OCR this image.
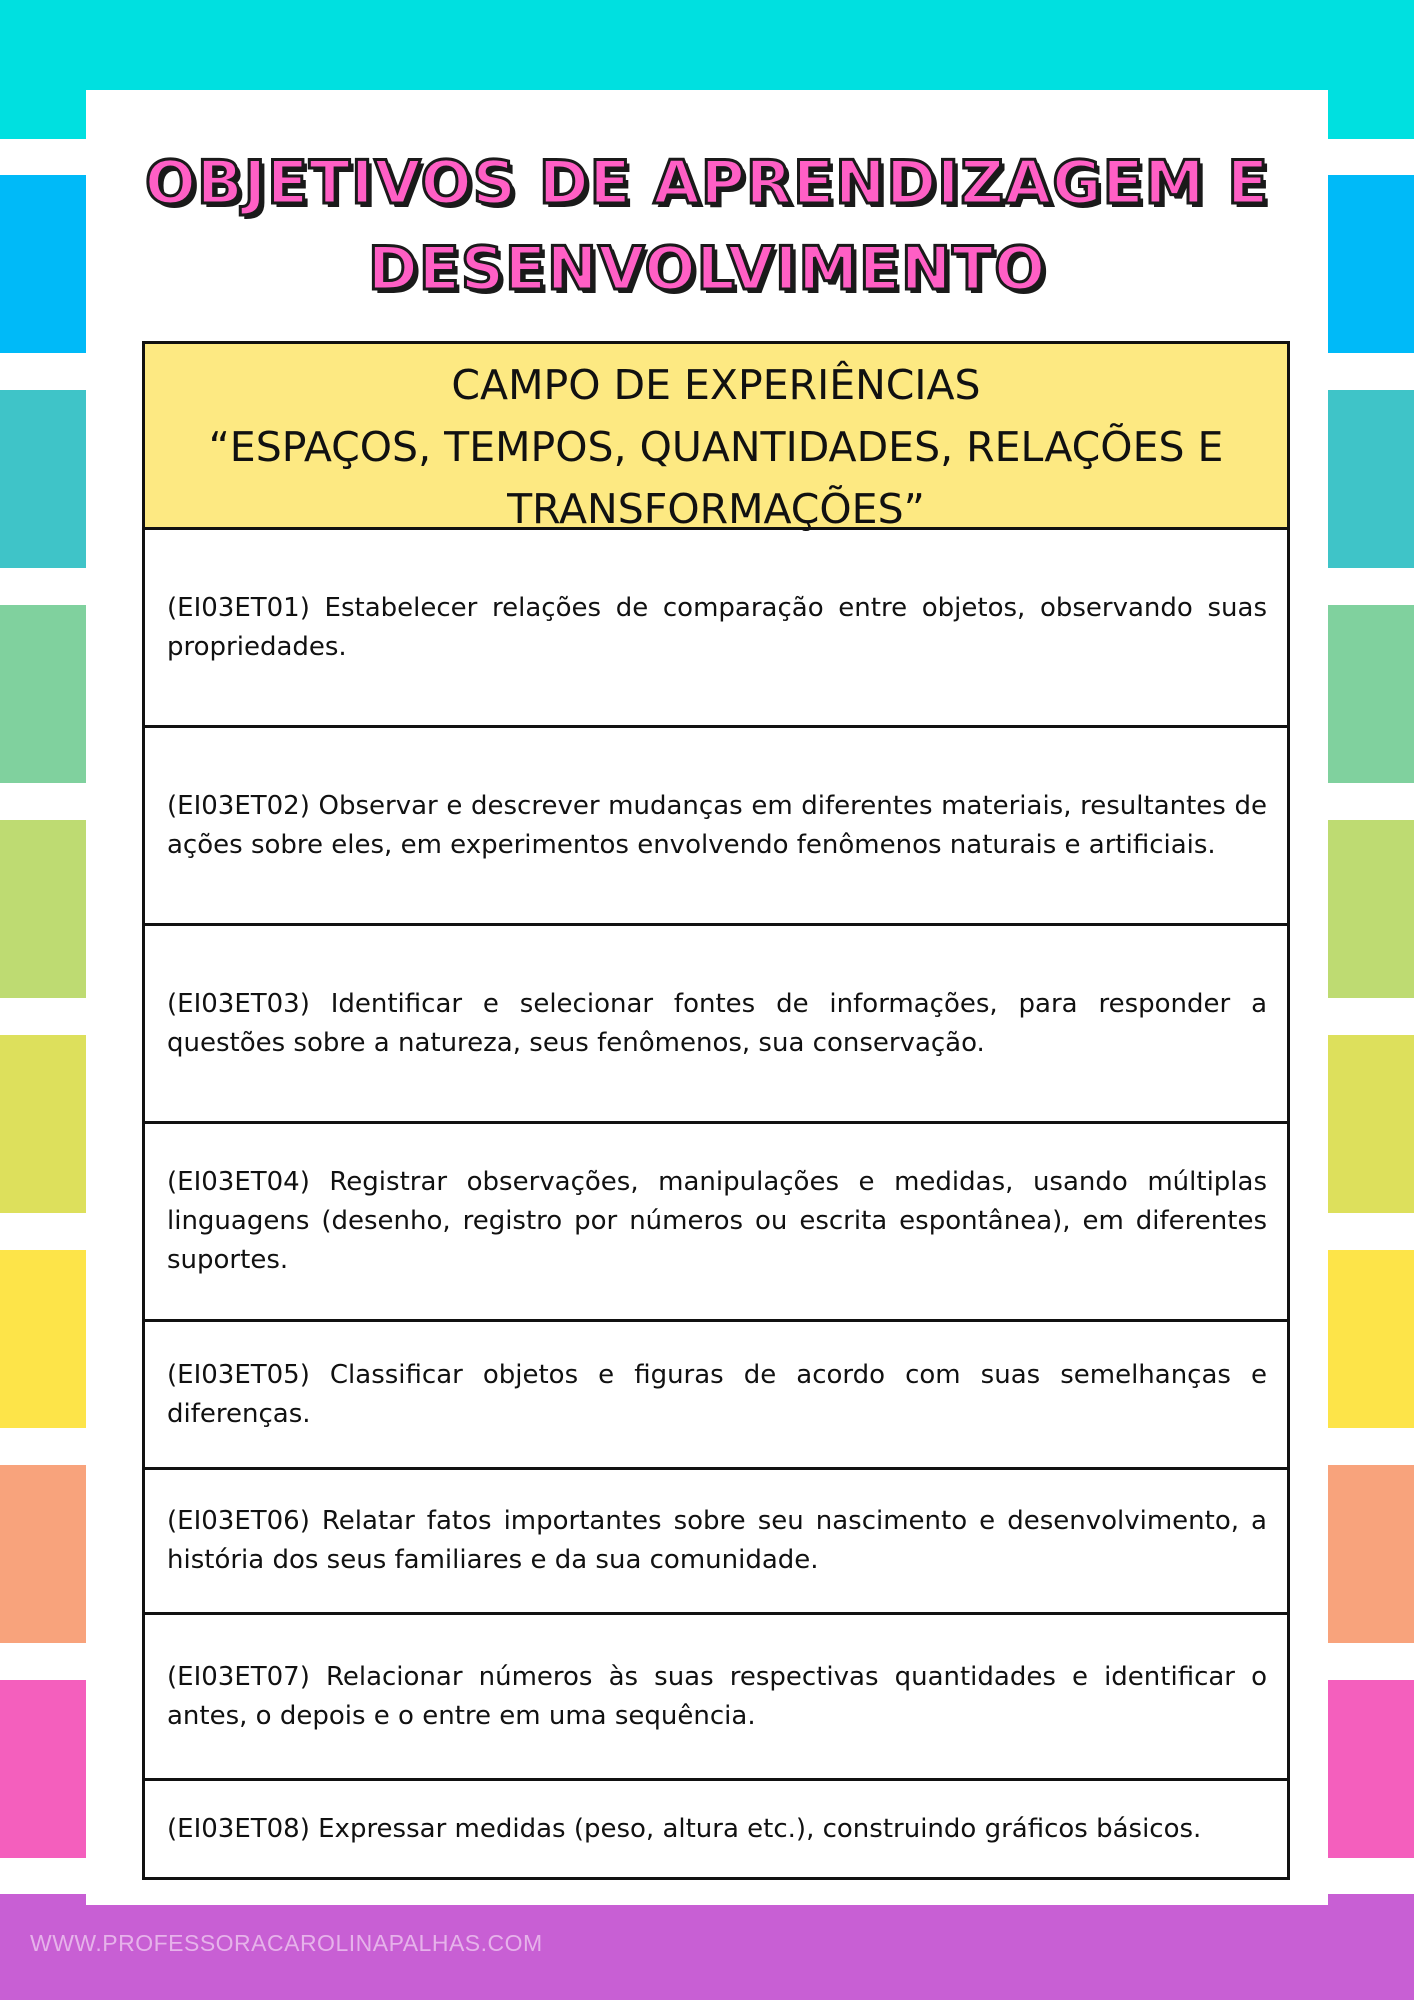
OBJETIVOS DE APRENDIZAGEM E
DESENVOLVIMENTO
CAMPO DE EXPERIÊNCIAS
“ESPAÇOS, TEMPOS, QUANTIDADES, RELAÇÕES E
TRANSFORMAÇÕES”
(EI03ET01) Estabelecer relações de comparação entre objetos, observando suas propriedades.
(EI03ET02) Observar e descrever mudanças em diferentes materiais, resultantes de ações sobre eles, em experimentos envolvendo fenômenos naturais e artificiais.
(EI03ET03) Identificar e selecionar fontes de informações, para responder a questões sobre a natureza, seus fenômenos, sua conservação.
(EI03ET04) Registrar observações, manipulações e medidas, usando múltiplas linguagens (desenho, registro por números ou escrita espontânea), em diferentes suportes.
(EI03ET05) Classificar objetos e figuras de acordo com suas semelhanças e diferenças.
(EI03ET06) Relatar fatos importantes sobre seu nascimento e desenvolvimento, a história dos seus familiares e da sua comunidade.
(EI03ET07) Relacionar números às suas respectivas quantidades e identificar o antes, o depois e o entre em uma sequência.
(EI03ET08) Expressar medidas (peso, altura etc.), construindo gráficos básicos.
WWW.PROFESSORACAROLINAPALHAS.COM
